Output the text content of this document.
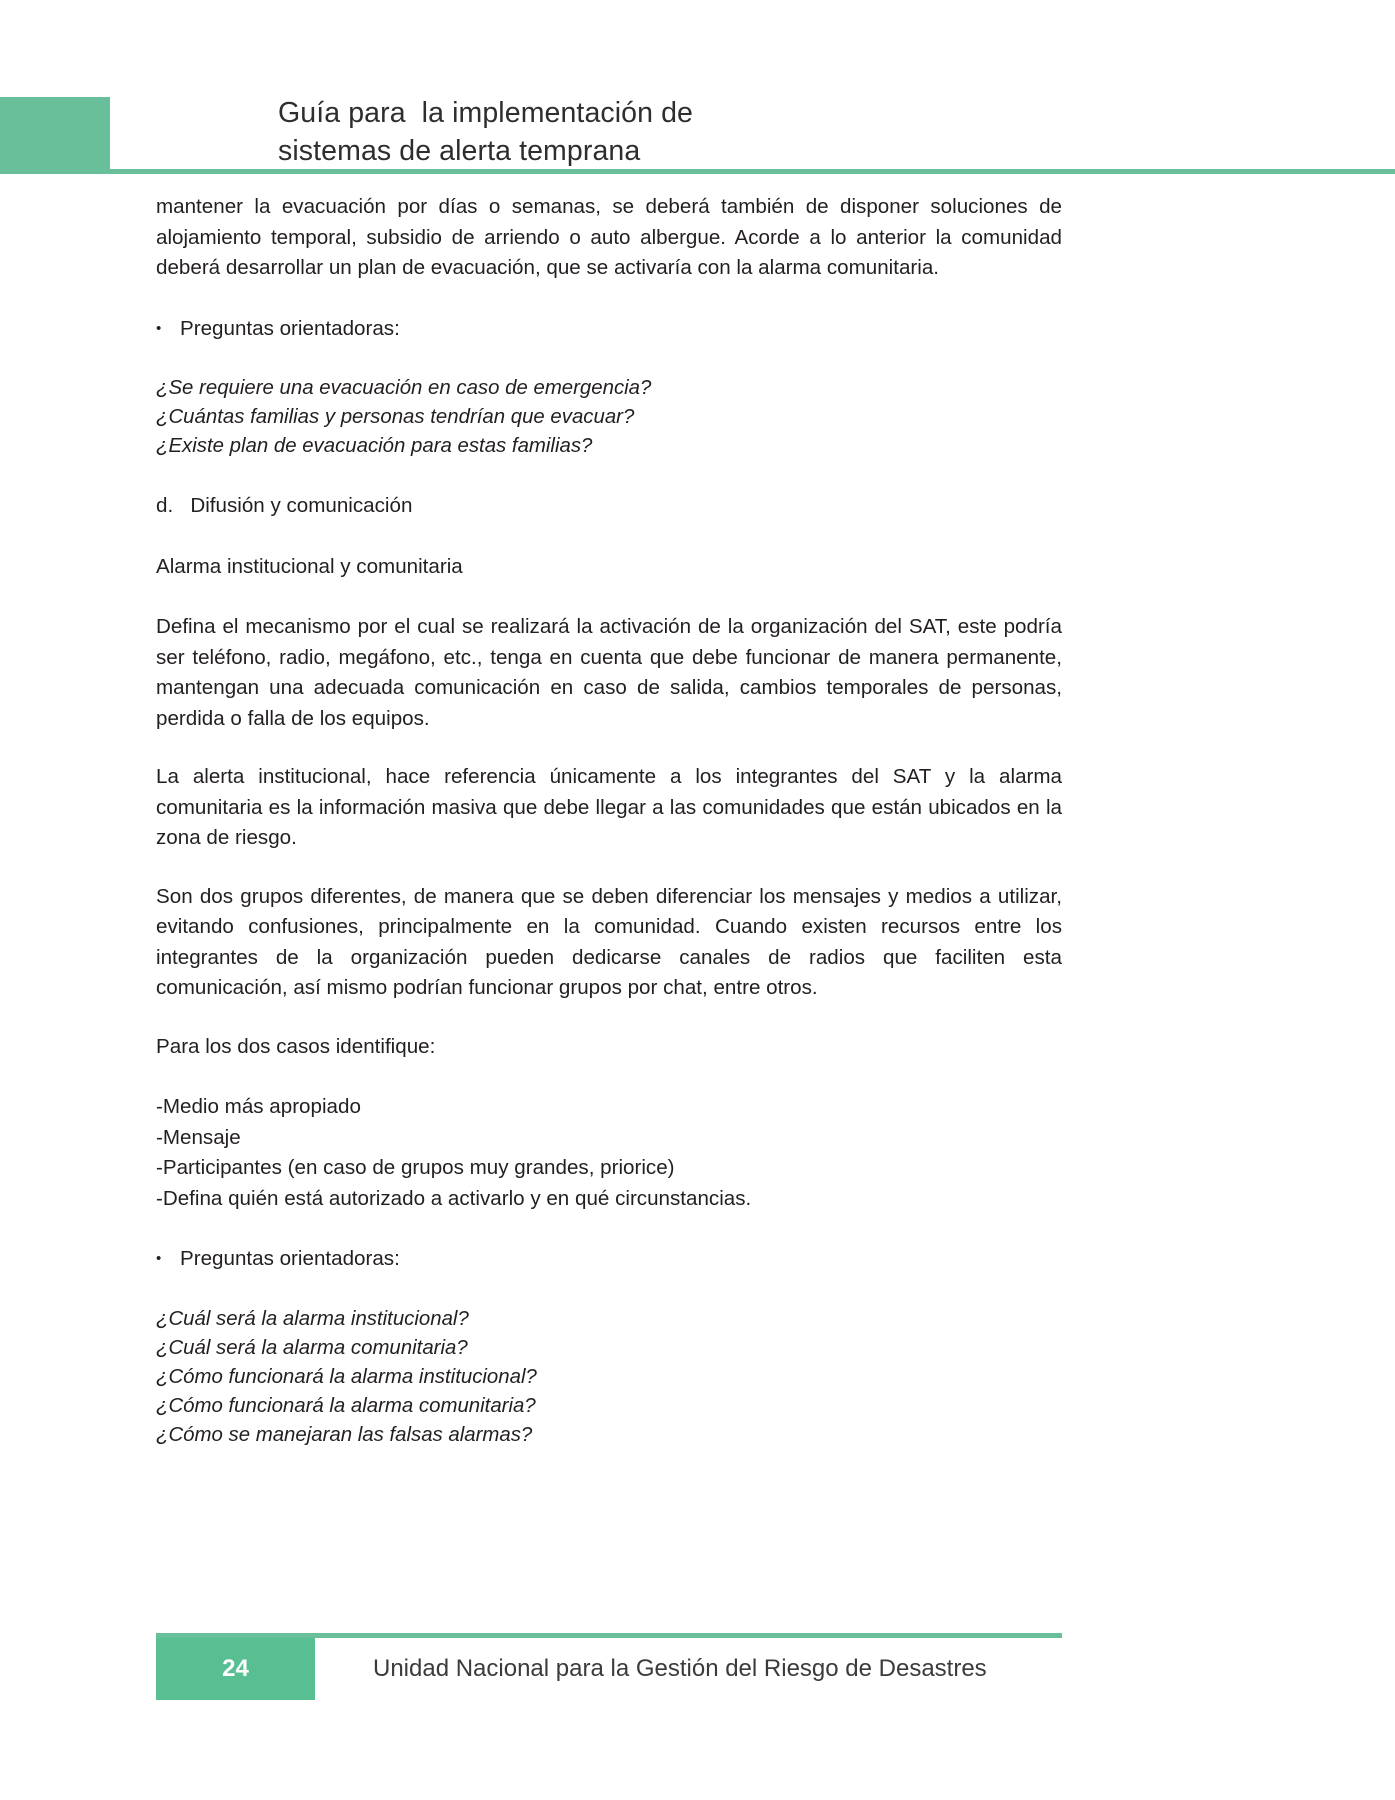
Guía para  la implementación de
sistemas de alerta temprana

mantener la evacuación por días o semanas, se deberá también de disponer soluciones de alojamiento temporal, subsidio de arriendo o auto albergue. Acorde a lo anterior la comunidad deberá desarrollar un plan de evacuación, que se activaría con la alarma comunitaria.

• Preguntas orientadoras:
¿Se requiere una evacuación en caso de emergencia?
¿Cuántas familias y personas tendrían que evacuar?
¿Existe plan de evacuación para estas familias?
d.   Difusión y comunicación
Alarma institucional y comunitaria

Defina el mecanismo por el cual se realizará la activación de la organización del SAT, este podría ser teléfono, radio, megáfono, etc., tenga en cuenta que debe funcionar de manera permanente, mantengan una adecuada comunicación en caso de salida, cambios temporales de personas, perdida o falla de los equipos.

La alerta institucional, hace referencia únicamente a los integrantes del SAT y la alarma comunitaria es la información masiva que debe llegar a las comunidades que están ubicados en la zona de riesgo.

Son dos grupos diferentes, de manera que se deben diferenciar los mensajes y medios a utilizar, evitando confusiones, principalmente en la comunidad. Cuando existen recursos entre los integrantes de la organización pueden dedicarse canales de radios que faciliten esta comunicación, así mismo podrían funcionar grupos por chat, entre otros.

Para los dos casos identifique:
-Medio más apropiado
-Mensaje
-Participantes (en caso de grupos muy grandes, priorice)
-Defina quién está autorizado a activarlo y en qué circunstancias.
• Preguntas orientadoras:
¿Cuál será la alarma institucional?
¿Cuál será la alarma comunitaria?
¿Cómo funcionará la alarma institucional?
¿Cómo funcionará la alarma comunitaria?
¿Cómo se manejaran las falsas alarmas?
24	Unidad Nacional para la Gestión del Riesgo de Desastres
